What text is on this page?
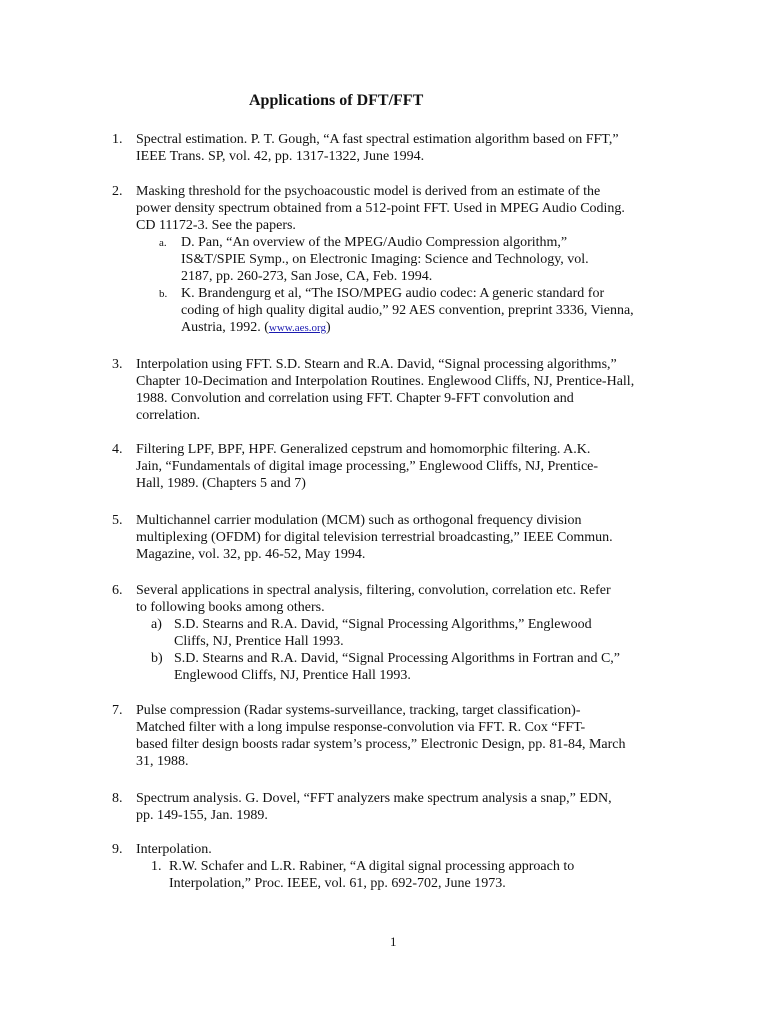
Applications of DFT/FFT
1. Spectral estimation. P. T. Gough, “A fast spectral estimation algorithm based on FFT,”
IEEE Trans. SP, vol. 42, pp. 1317-1322, June 1994.
2. Masking threshold for the psychoacoustic model is derived from an estimate of the
power density spectrum obtained from a 512-point FFT. Used in MPEG Audio Coding.
CD 11172-3. See the papers.
a. D. Pan, “An overview of the MPEG/Audio Compression algorithm,”
IS&T/SPIE Symp., on Electronic Imaging: Science and Technology, vol.
2187, pp. 260-273, San Jose, CA, Feb. 1994.
b. K. Brandengurg et al, “The ISO/MPEG audio codec: A generic standard for
coding of high quality digital audio,” 92 AES convention, preprint 3336, Vienna,
Austria, 1992. (www.aes.org)
3. Interpolation using FFT. S.D. Stearn and R.A. David, “Signal processing algorithms,”
Chapter 10-Decimation and Interpolation Routines. Englewood Cliffs, NJ, Prentice-Hall,
1988. Convolution and correlation using FFT. Chapter 9-FFT convolution and
correlation.
4. Filtering LPF, BPF, HPF. Generalized cepstrum and homomorphic filtering. A.K.
Jain, “Fundamentals of digital image processing,” Englewood Cliffs, NJ, Prentice-
Hall, 1989. (Chapters 5 and 7)
5. Multichannel carrier modulation (MCM) such as orthogonal frequency division
multiplexing (OFDM) for digital television terrestrial broadcasting,” IEEE Commun.
Magazine, vol. 32, pp. 46-52, May 1994.
6. Several applications in spectral analysis, filtering, convolution, correlation etc. Refer
to following books among others.
a) S.D. Stearns and R.A. David, “Signal Processing Algorithms,” Englewood
Cliffs, NJ, Prentice Hall 1993.
b) S.D. Stearns and R.A. David, “Signal Processing Algorithms in Fortran and C,”
Englewood Cliffs, NJ, Prentice Hall 1993.
7. Pulse compression (Radar systems-surveillance, tracking, target classification)-
Matched filter with a long impulse response-convolution via FFT. R. Cox “FFT-
based filter design boosts radar system’s process,” Electronic Design, pp. 81-84, March
31, 1988.
8. Spectrum analysis. G. Dovel, “FFT analyzers make spectrum analysis a snap,” EDN,
pp. 149-155, Jan. 1989.
9. Interpolation.
1. R.W. Schafer and L.R. Rabiner, “A digital signal processing approach to
Interpolation,” Proc. IEEE, vol. 61, pp. 692-702, June 1973.
1
